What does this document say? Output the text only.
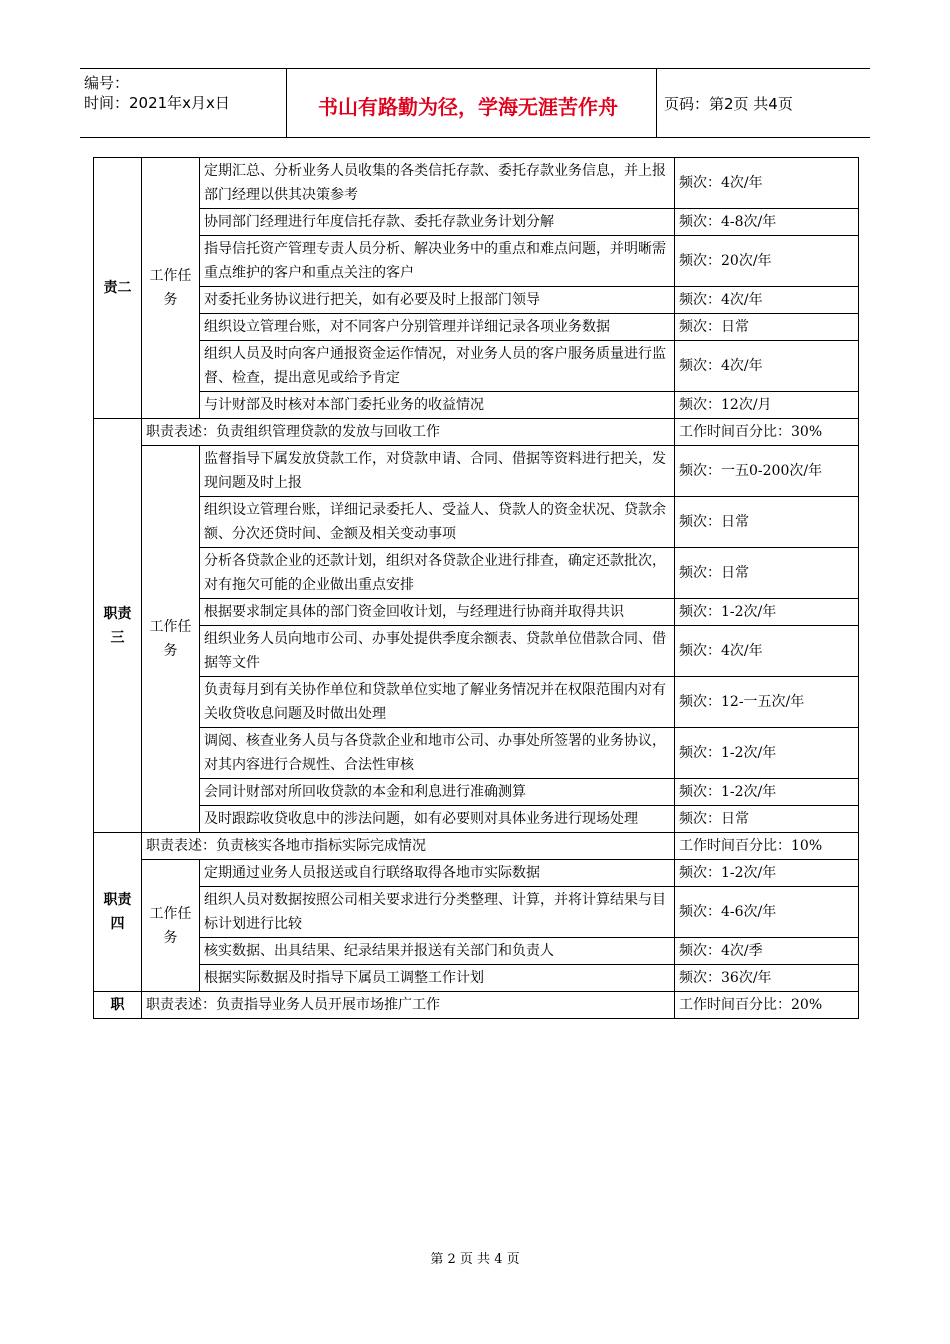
编号：
时间：2021年x月x日	书山有路勤为径，学海无涯苦作舟	页码：第2页 共4页
责二	工作任务	定期汇总、分析业务人员收集的各类信托存款、委托存款业务信息，并上报部门经理以供其决策参考	频次：4次/年
		协同部门经理进行年度信托存款、委托存款业务计划分解	频次：4-8次/年
		指导信托资产管理专责人员分析、解决业务中的重点和难点问题，并明晰需重点维护的客户和重点关注的客户	频次：20次/年
		对委托业务协议进行把关，如有必要及时上报部门领导	频次：4次/年
		组织设立管理台账，对不同客户分别管理并详细记录各项业务数据	频次：日常
		组织人员及时向客户通报资金运作情况，对业务人员的客户服务质量进行监督、检查，提出意见或给予肯定	频次：4次/年
		与计财部及时核对本部门委托业务的收益情况	频次：12次/月
职责三	职责表述：负责组织管理贷款的发放与回收工作		工作时间百分比：30%
	工作任务	监督指导下属发放贷款工作，对贷款申请、合同、借据等资料进行把关，发现问题及时上报	频次：一五0-200次/年
		组织设立管理台账，详细记录委托人、受益人、贷款人的资金状况、贷款余额、分次还贷时间、金额及相关变动事项	频次：日常
		分析各贷款企业的还款计划，组织对各贷款企业进行排查，确定还款批次，对有拖欠可能的企业做出重点安排	频次：日常
		根据要求制定具体的部门资金回收计划，与经理进行协商并取得共识	频次：1-2次/年
		组织业务人员向地市公司、办事处提供季度余额表、贷款单位借款合同、借据等文件	频次：4次/年
		负责每月到有关协作单位和贷款单位实地了解业务情况并在权限范围内对有关收贷收息问题及时做出处理	频次：12-一五次/年
		调阅、核查业务人员与各贷款企业和地市公司、办事处所签署的业务协议，对其内容进行合规性、合法性审核	频次：1-2次/年
		会同计财部对所回收贷款的本金和利息进行准确测算	频次：1-2次/年
		及时跟踪收贷收息中的涉法问题，如有必要则对具体业务进行现场处理	频次：日常
职责四	职责表述：负责核实各地市指标实际完成情况		工作时间百分比：10%
	工作任务	定期通过业务人员报送或自行联络取得各地市实际数据	频次：1-2次/年
		组织人员对数据按照公司相关要求进行分类整理、计算，并将计算结果与目标计划进行比较	频次：4-6次/年
		核实数据、出具结果、纪录结果并报送有关部门和负责人	频次：4次/季
		根据实际数据及时指导下属员工调整工作计划	频次：36次/年
职	职责表述：负责指导业务人员开展市场推广工作		工作时间百分比：20%
第 2 页 共 4 页
